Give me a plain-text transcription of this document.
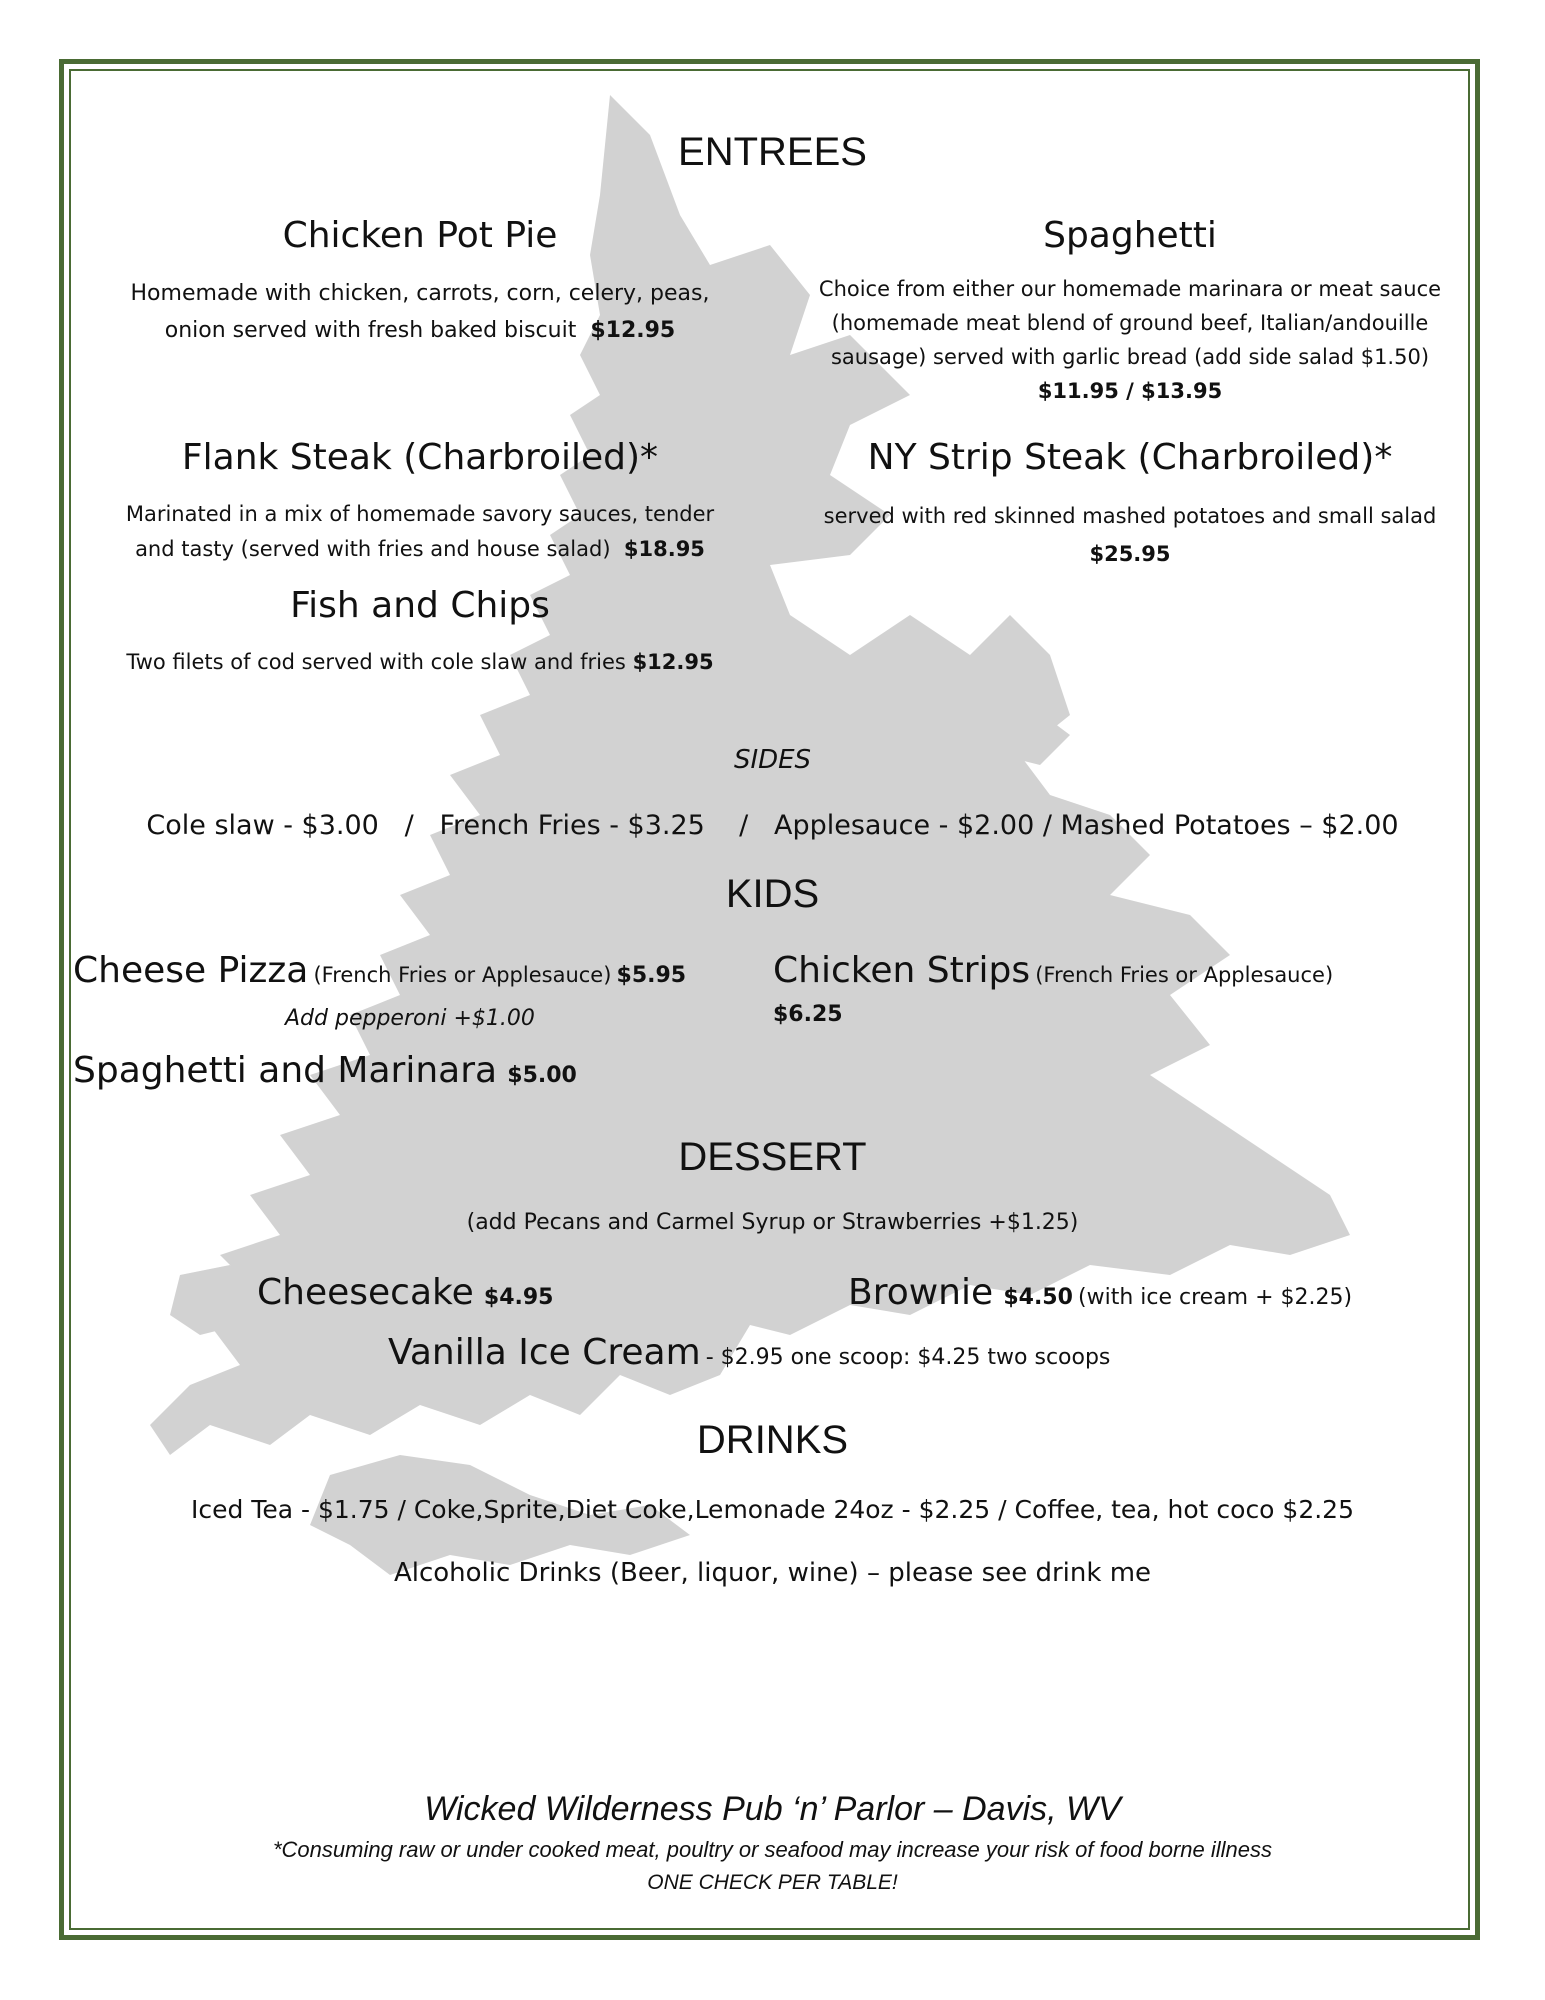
ENTREES
Chicken Pot Pie
Homemade with chicken, carrots, corn, celery, peas,
onion served with fresh baked biscuit $12.95
Spaghetti
Choice from either our homemade marinara or meat sauce
(homemade meat blend of ground beef, Italian/andouille
sausage) served with garlic bread (add side salad $1.50)
$11.95 / $13.95
Flank Steak (Charbroiled)*
Marinated in a mix of homemade savory sauces, tender
and tasty (served with fries and house salad) $18.95
NY Strip Steak (Charbroiled)*
served with red skinned mashed potatoes and small salad
$25.95
Fish and Chips
Two filets of cod served with cole slaw and fries $12.95
SIDES
Cole slaw - $3.00   /   French Fries - $3.25    /   Applesauce - $2.00 / Mashed Potatoes – $2.00
KIDS
Cheese Pizza (French Fries or Applesauce) $5.95
Add pepperoni +$1.00
Chicken Strips (French Fries or Applesauce)
$6.25
Spaghetti and Marinara $5.00
DESSERT
(add Pecans and Carmel Syrup or Strawberries +$1.25)
Cheesecake $4.95	Brownie $4.50 (with ice cream + $2.25)
Vanilla Ice Cream - $2.95 one scoop: $4.25 two scoops
DRINKS
Iced Tea - $1.75 / Coke,Sprite,Diet Coke,Lemonade 24oz - $2.25 / Coffee, tea, hot coco $2.25
Alcoholic Drinks (Beer, liquor, wine) – please see drink me
Wicked Wilderness Pub ‘n’ Parlor – Davis, WV
*Consuming raw or under cooked meat, poultry or seafood may increase your risk of food borne illness
ONE CHECK PER TABLE!
